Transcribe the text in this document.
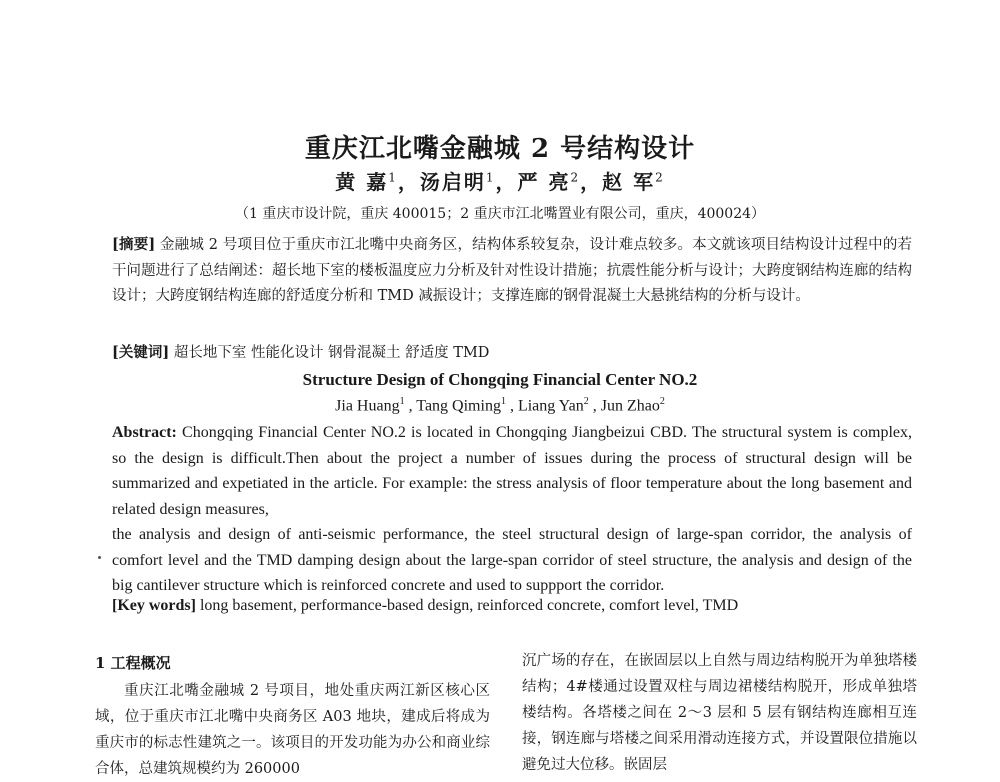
重庆江北嘴金融城 2 号结构设计
黄 嘉$^1$，汤启明$^1$，严 亮$^2$，赵 军$^2$
（1 重庆市设计院，重庆 400015；2 重庆市江北嘴置业有限公司，重庆，400024）
[摘要] 金融城 2 号项目位于重庆市江北嘴中央商务区，结构体系较复杂，设计难点较多。本文就该项目结构设计过程中的若干问题进行了总结阐述：超长地下室的楼板温度应力分析及针对性设计措施；抗震性能分析与设计；大跨度钢结构连廊的结构设计；大跨度钢结构连廊的舒适度分析和 TMD 减振设计；支撑连廊的钢骨混凝土大悬挑结构的分析与设计。
[关键词] 超长地下室 性能化设计 钢骨混凝土 舒适度 TMD
Structure Design of Chongqing Financial Center NO.2
Jia Huang$^1$ , Tang Qiming$^1$ , Liang Yan$^2$ , Jun Zhao$^2$

Abstract: Chongqing Financial Center NO.2 is located in Chongqing Jiangbeizui CBD. The structural system is complex, so the design is difficult.Then about the project a number of issues during the process of structural design will be summarized and expetiated in the article. For example: the stress analysis of floor temperature about the long basement and related design measures,

the analysis and design of anti-seismic performance, the steel structural design of large-span corridor, the analysis of comfort level and the TMD damping design about the large-span corridor of steel structure, the analysis and design of the big cantilever structure which is reinforced concrete and used to suppport the corridor.

[Key words] long basement, performance-based design, reinforced concrete, comfort level, TMD
1 工程概况

重庆江北嘴金融城 2 号项目，地处重庆两江新区核心区域，位于重庆市江北嘴中央商务区 A03 地块，建成后将成为重庆市的标志性建筑之一。该项目的开发功能为办公和商业综合体，总建筑规模约为 260000

沉广场的存在，在嵌固层以上自然与周边结构脱开为单独塔楼结构；4#楼通过设置双柱与周边裙楼结构脱开，形成单独塔楼结构。各塔楼之间在 2～3 层和 5 层有钢结构连廊相互连接，钢连廊与塔楼之间采用滑动连接方式，并设置限位措施以避免过大位移。嵌固层
